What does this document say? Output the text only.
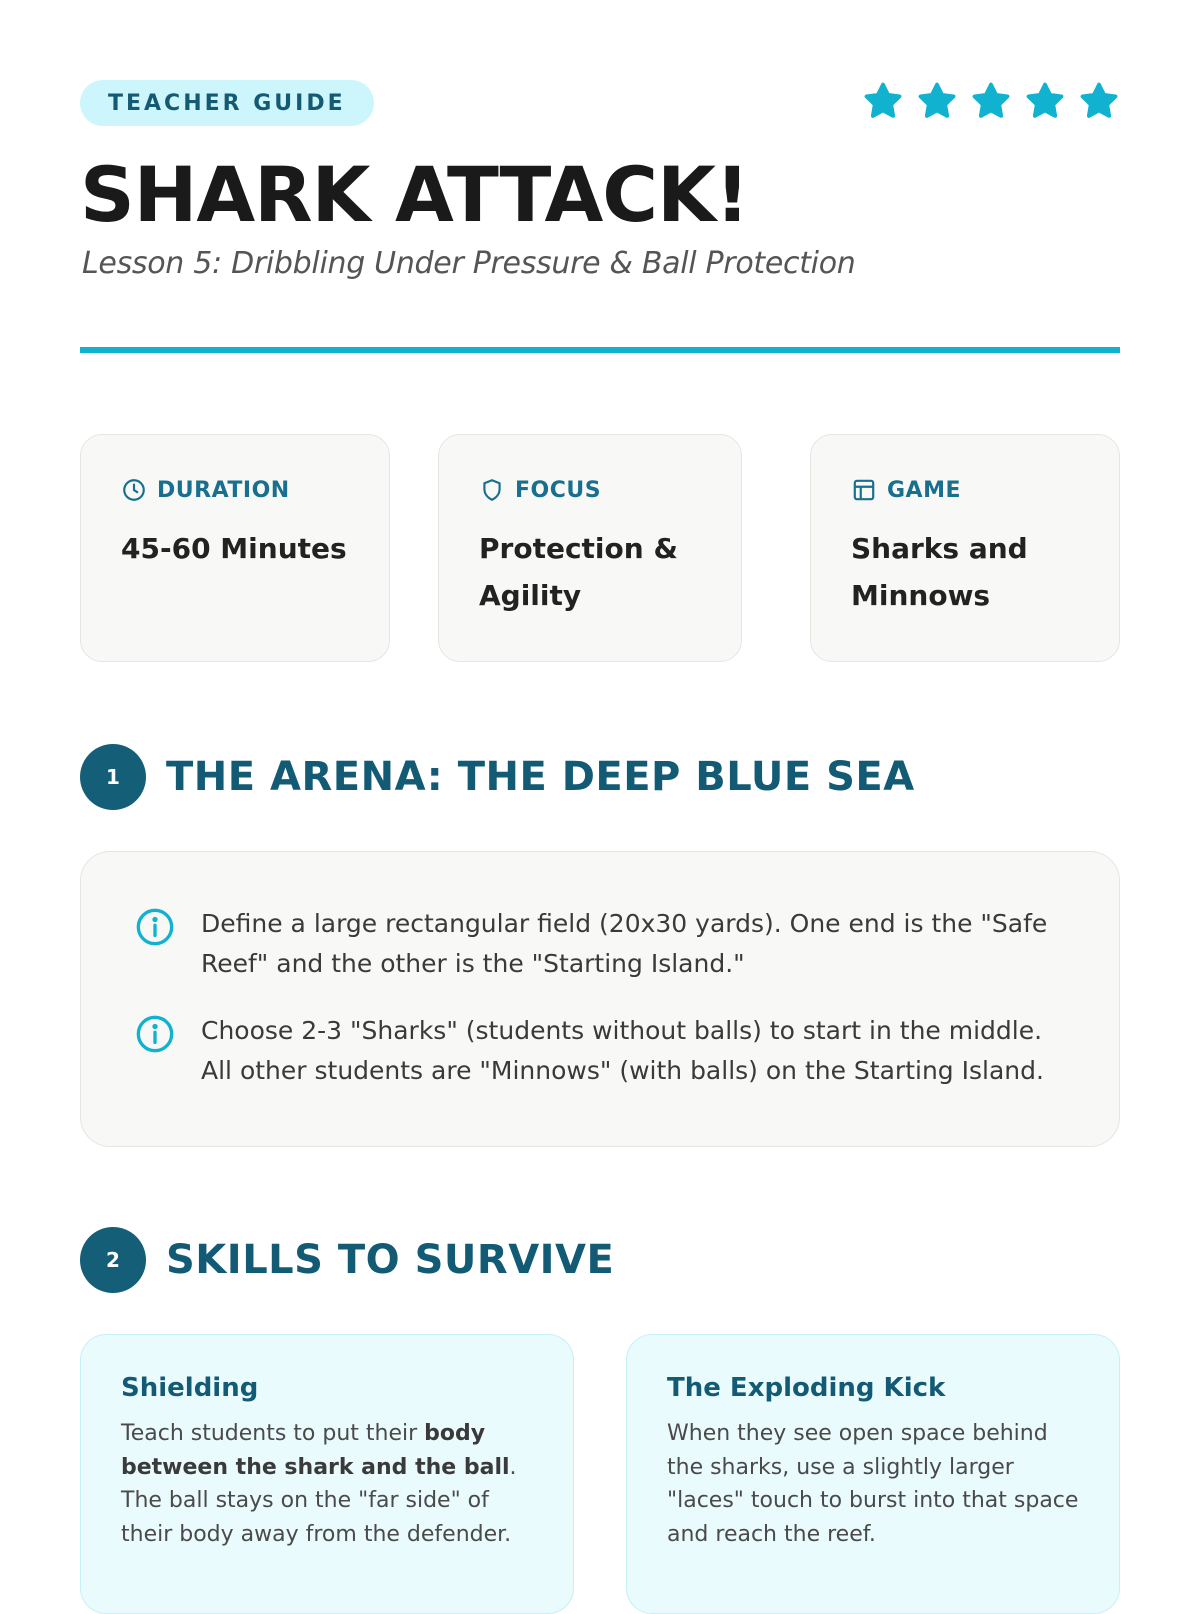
TEACHER GUIDE
SHARK ATTACK!
Lesson 5: Dribbling Under Pressure & Ball Protection
DURATION
45-60 Minutes
FOCUS
Protection & Agility
GAME
Sharks and Minnows
1	THE ARENA: THE DEEP BLUE SEA
Define a large rectangular field (20x30 yards). One end is the "Safe Reef" and the other is the "Starting Island."
Choose 2-3 "Sharks" (students without balls) to start in the middle. All other students are "Minnows" (with balls) on the Starting Island.
2	SKILLS TO SURVIVE
Shielding
Teach students to put their body between the shark and the ball. The ball stays on the "far side" of their body away from the defender.
The Exploding Kick
When they see open space behind the sharks, use a slightly larger "laces" touch to burst into that space and reach the reef.
